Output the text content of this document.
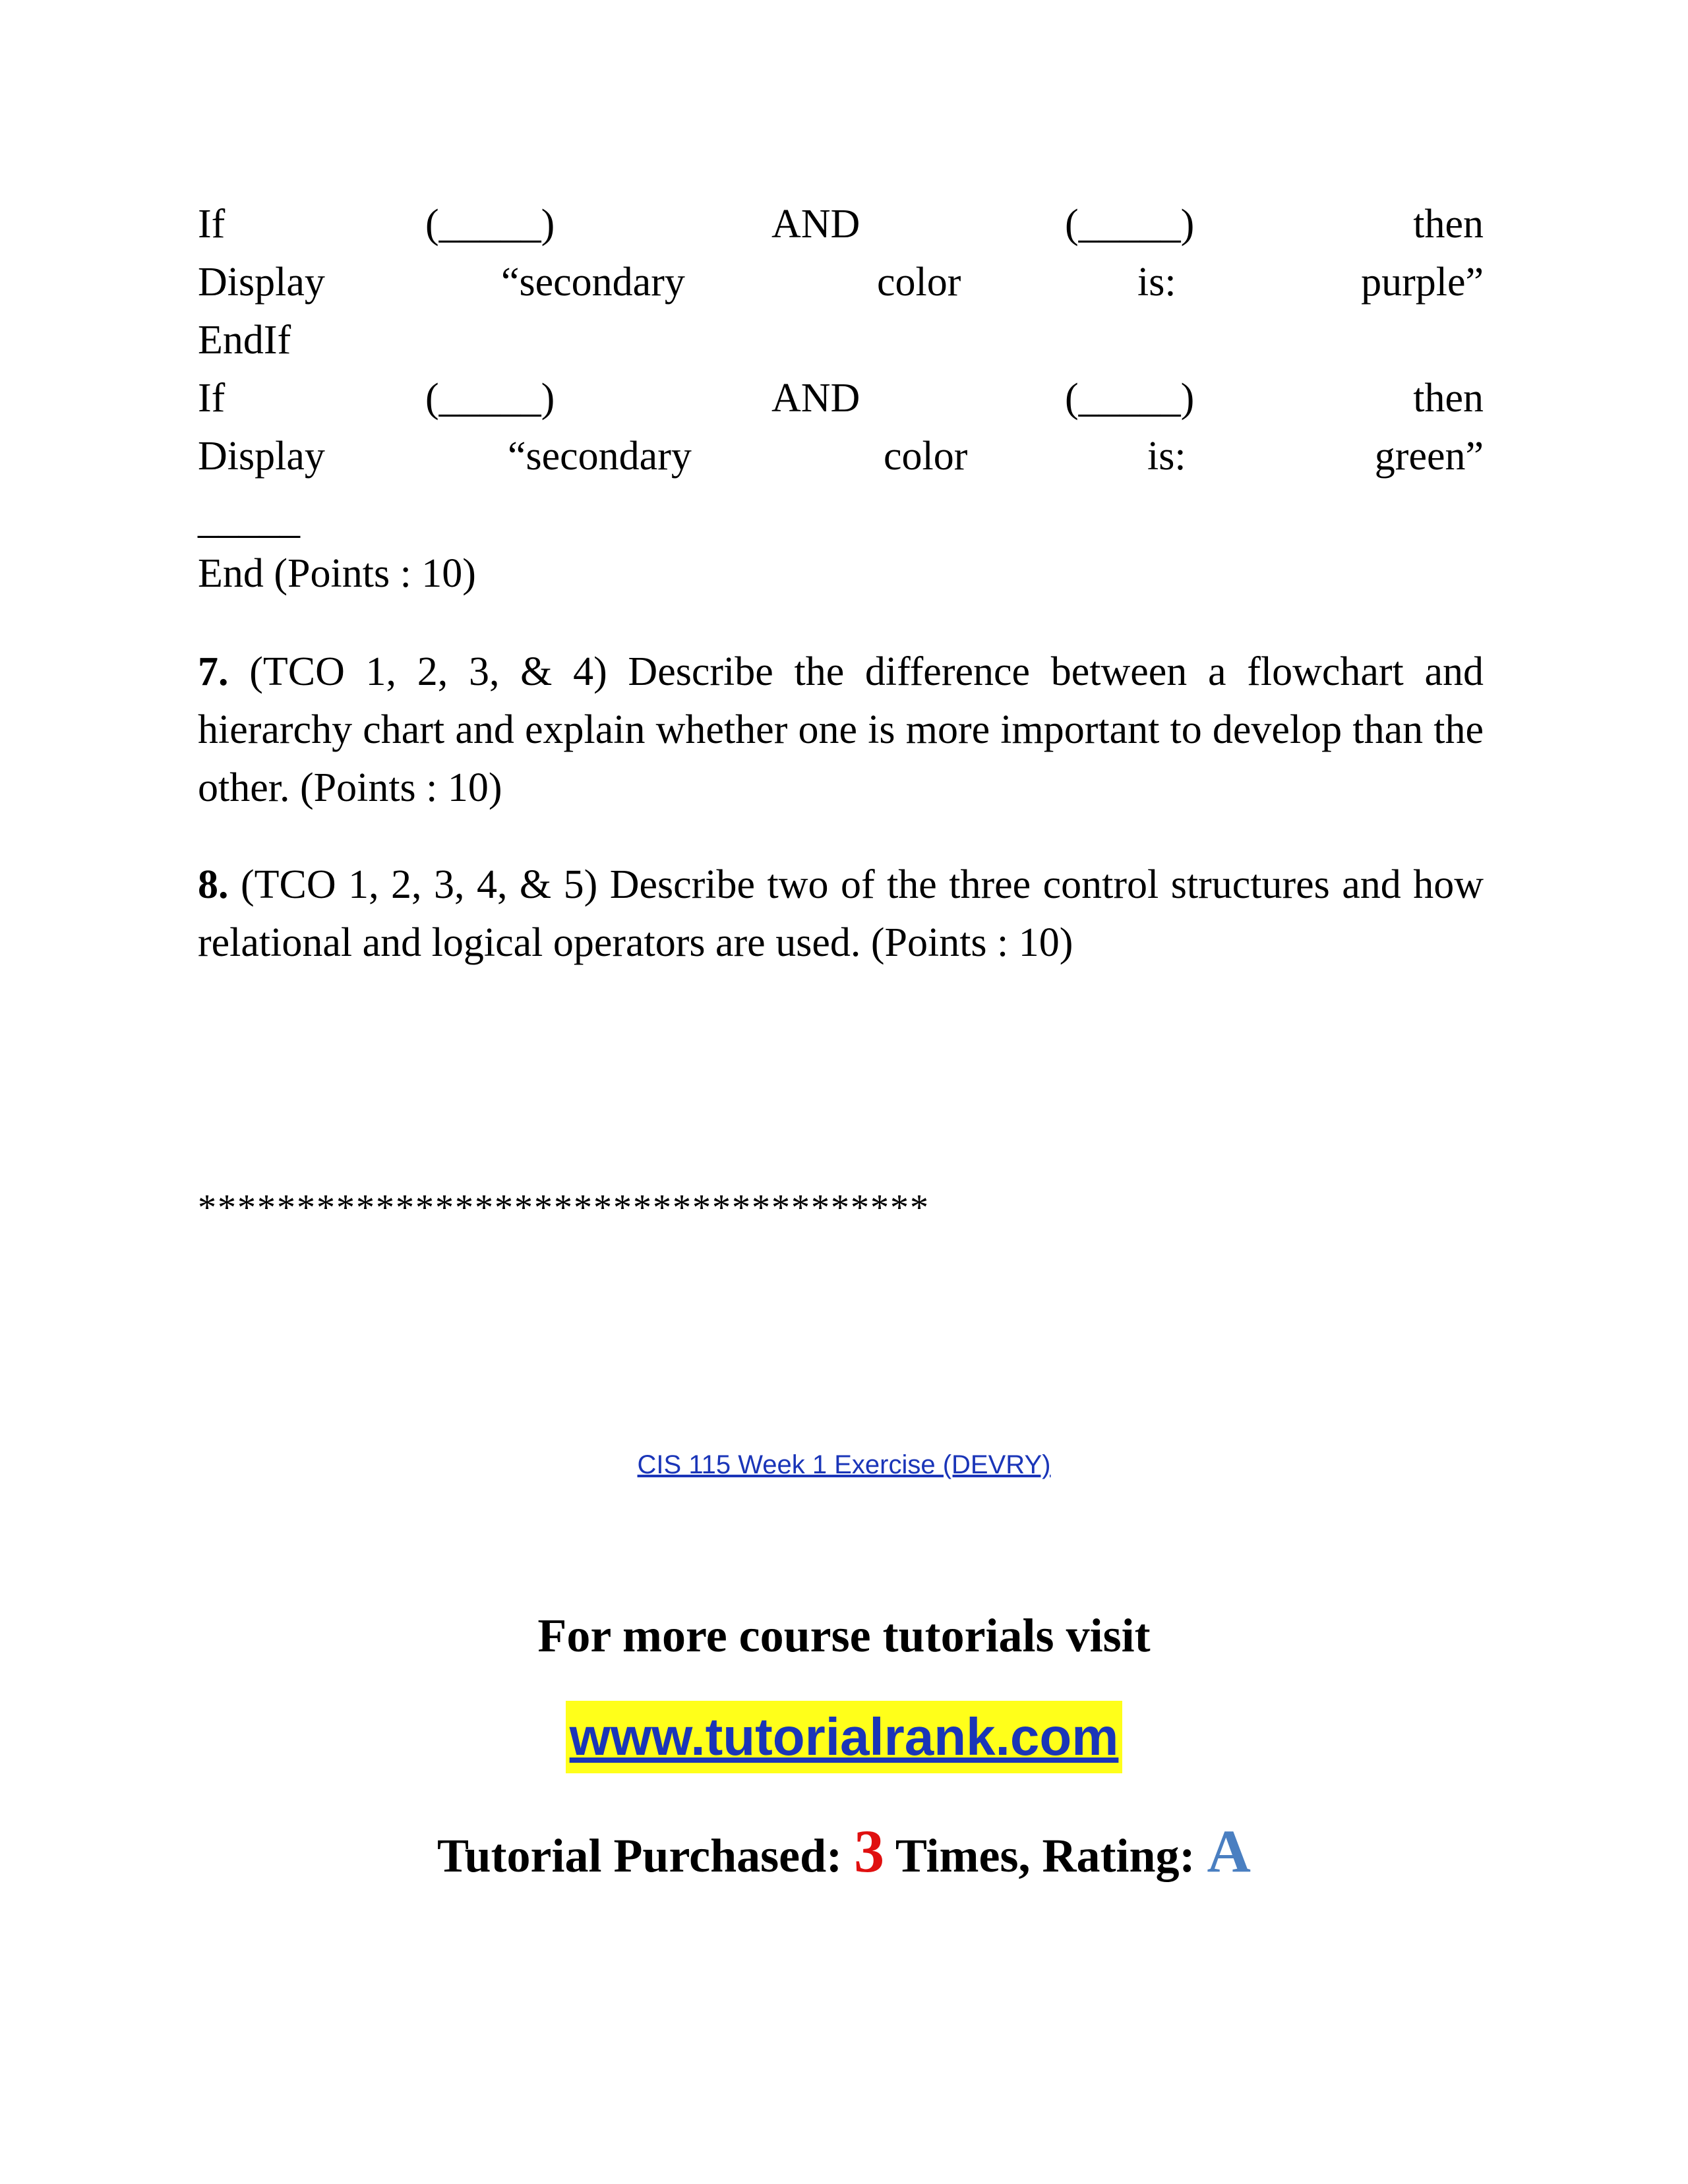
If	(_____)	AND	(_____)	then
Display	“secondary	color	is:	purple”
EndIf
If	(_____)	AND	(_____)	then
Display	“secondary	color	is:	green”
_____
End (Points : 10)
7. (TCO 1, 2, 3, & 4) Describe the difference between a flowchart and hierarchy chart and explain whether one is more important to develop than the other. (Points : 10)
8. (TCO 1, 2, 3, 4, & 5) Describe two of the three control structures and how relational and logical operators are used. (Points : 10)
*************************************
CIS 115 Week 1 Exercise (DEVRY)
For more course tutorials visit
www.tutorialrank.com
Tutorial Purchased: 3 Times, Rating: A
